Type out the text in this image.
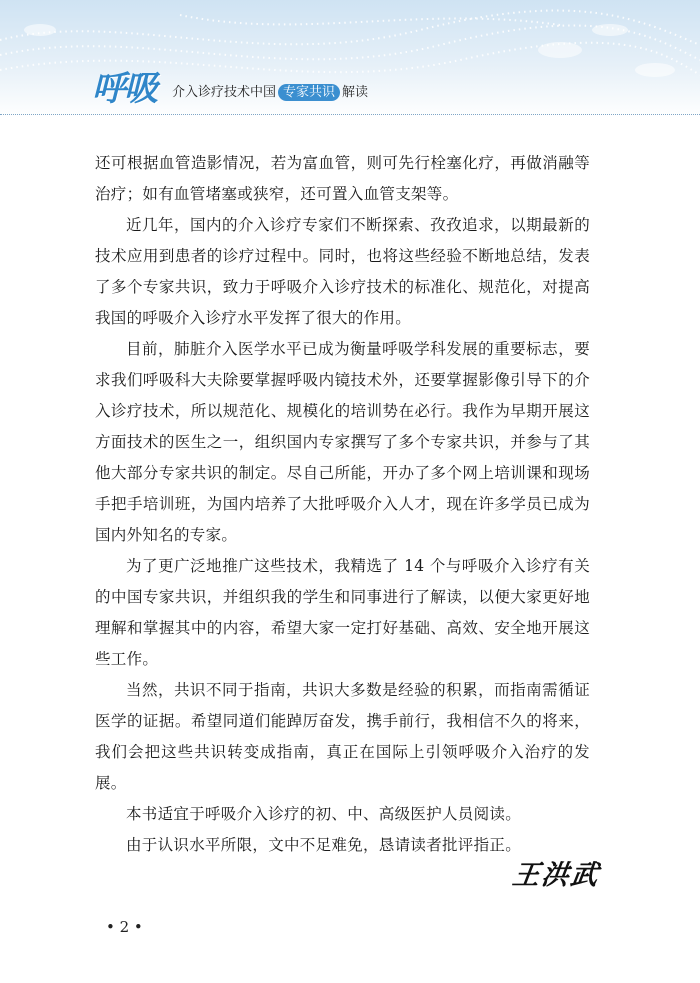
呼吸 介入诊疗技术中国 专家共识 解读

还可根据血管造影情况，若为富血管，则可先行栓塞化疗，再做消融等治疗；如有血管堵塞或狭窄，还可置入血管支架等。

近几年，国内的介入诊疗专家们不断探索、孜孜追求，以期最新的技术应用到患者的诊疗过程中。同时，也将这些经验不断地总结，发表了多个专家共识，致力于呼吸介入诊疗技术的标准化、规范化，对提高我国的呼吸介入诊疗水平发挥了很大的作用。

目前，肺脏介入医学水平已成为衡量呼吸学科发展的重要标志，要求我们呼吸科大夫除要掌握呼吸内镜技术外，还要掌握影像引导下的介入诊疗技术，所以规范化、规模化的培训势在必行。我作为早期开展这方面技术的医生之一，组织国内专家撰写了多个专家共识，并参与了其他大部分专家共识的制定。尽自己所能，开办了多个网上培训课和现场手把手培训班，为国内培养了大批呼吸介入人才，现在许多学员已成为国内外知名的专家。

为了更广泛地推广这些技术，我精选了 14 个与呼吸介入诊疗有关的中国专家共识，并组织我的学生和同事进行了解读，以便大家更好地理解和掌握其中的内容，希望大家一定打好基础、高效、安全地开展这些工作。

当然，共识不同于指南，共识大多数是经验的积累，而指南需循证医学的证据。希望同道们能踔厉奋发，携手前行，我相信不久的将来，我们会把这些共识转变成指南，真正在国际上引领呼吸介入治疗的发展。

本书适宜于呼吸介入诊疗的初、中、高级医护人员阅读。

由于认识水平所限，文中不足难免，恳请读者批评指正。

王洪武
• 2 •
